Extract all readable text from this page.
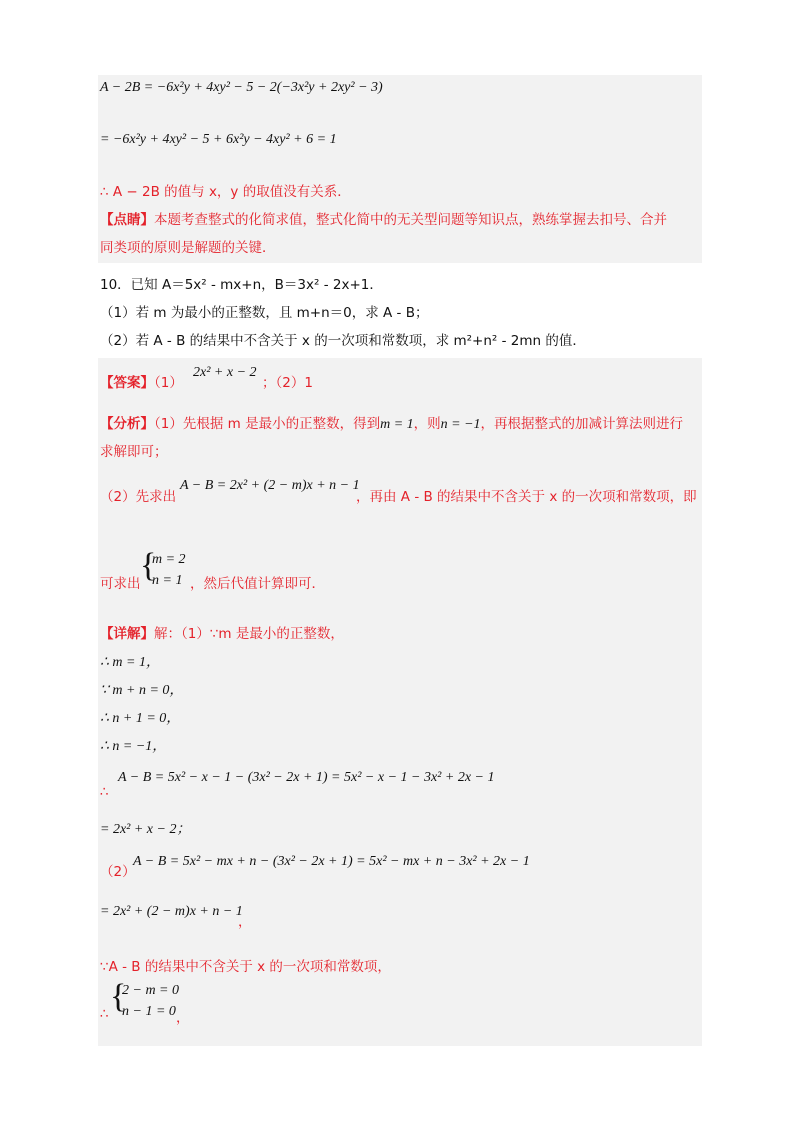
A − 2B = −6x²y + 4xy² − 5 − 2(−3x²y + 2xy² − 3)
= −6x²y + 4xy² − 5 + 6x²y − 4xy² + 6 = 1
∴ A − 2B 的值与 x，y 的取值没有关系．
【点睛】本题考查整式的化简求值，整式化简中的无关型问题等知识点，熟练掌握去扣号、合并
同类项的原则是解题的关键．
10．已知 A＝5x² - mx+n，B＝3x² - 2x+1．
（1）若 m 为最小的正整数，且 m+n＝0，求 A - B；
（2）若 A - B 的结果中不含关于 x 的一次项和常数项，求 m²+n² - 2mn 的值．
【答案】（1）
2x² + x − 2
；（2）1
【分析】（1）先根据 m 是最小的正整数，得到m = 1，则n = −1，再根据整式的加减计算法则进行
求解即可；
（2）先求出
A − B = 2x² + (2 − m)x + n − 1
，再由 A - B 的结果中不含关于 x 的一次项和常数项，即
可求出 {
m = 2
n = 1 ，然后代值计算即可．
【详解】解：（1）∵m 是最小的正整数，
∴ m = 1，
∵ m + n = 0，
∴ n + 1 = 0，
∴ n = −1，
A − B = 5x² − x − 1 − (3x² − 2x + 1) = 5x² − x − 1 − 3x² + 2x − 1
∴
= 2x² + x − 2；
（2）
A − B = 5x² − mx + n − (3x² − 2x + 1) = 5x² − mx + n − 3x² + 2x − 1
= 2x² + (2 − m)x + n − 1
，
∵A - B 的结果中不含关于 x 的一次项和常数项，
∴ {
2 − m = 0
n − 1 = 0 ，
